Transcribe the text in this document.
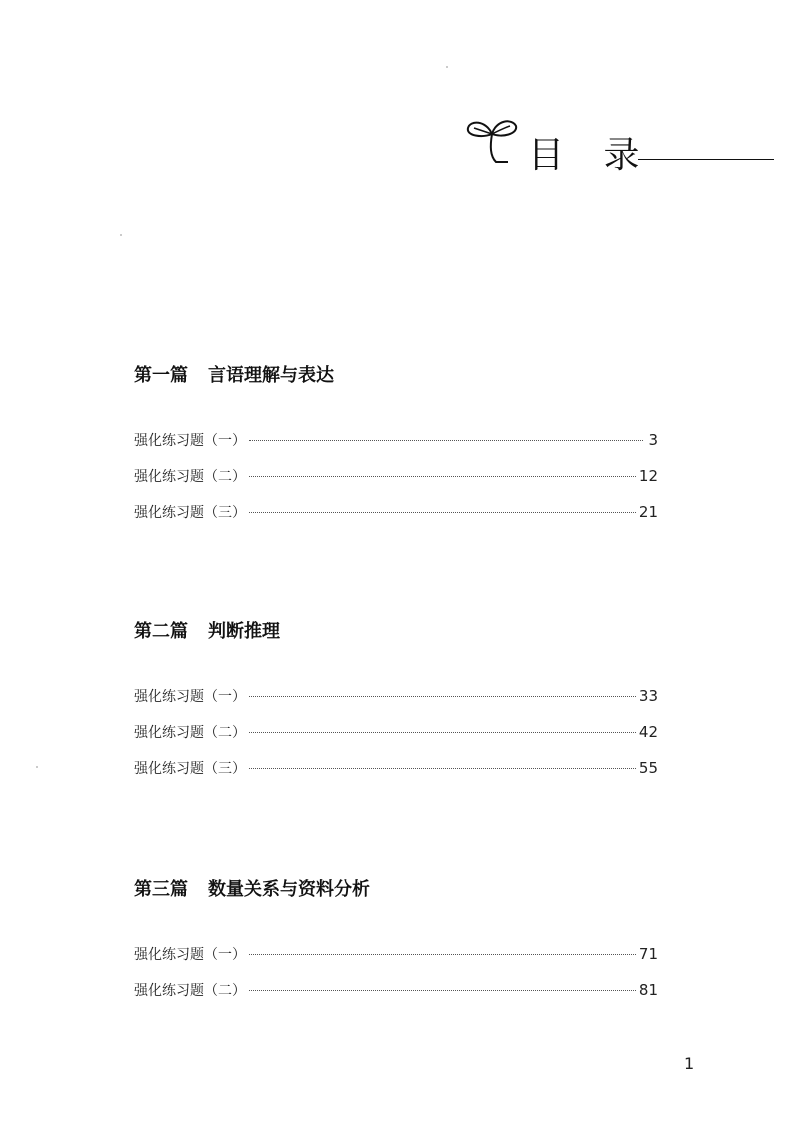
目 录
第一篇 言语理解与表达
强化练习题（一）	3
强化练习题（二）	12
强化练习题（三）	21
第二篇 判断推理
强化练习题（一）	33
强化练习题（二）	42
强化练习题（三）	55
第三篇 数量关系与资料分析
强化练习题（一）	71
强化练习题（二）	81
1
